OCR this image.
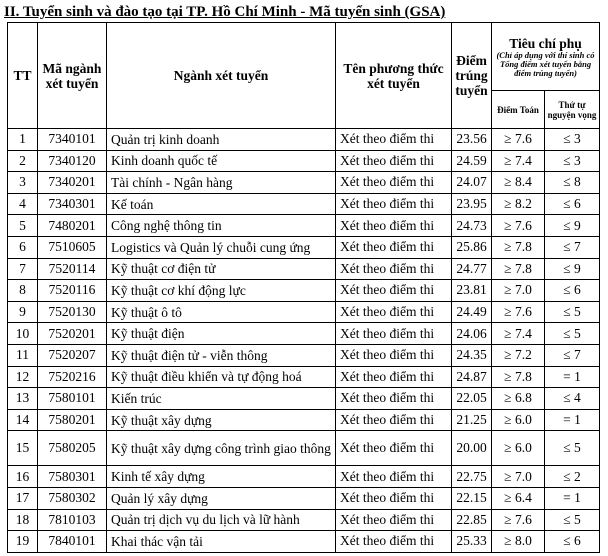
II. Tuyển sinh và đào tạo tại TP. Hồ Chí Minh - Mã tuyển sinh (GSA)
TT	Mã ngành xét tuyển	Ngành xét tuyển	Tên phương thức xét tuyển	Điểm trúng tuyển	Tiêu chí phụ
(Chỉ áp dụng với thí sinh có Tổng điểm xét tuyển bằng điểm trúng tuyển)	

					Điểm Toán	Thứ tự nguyện vọng
1	7340101	Quản trị kinh doanh	Xét theo điểm thi	23.56	≥ 7.6	≤ 3
2	7340120	Kinh doanh quốc tế	Xét theo điểm thi	24.59	≥ 7.4	≤ 3
3	7340201	Tài chính - Ngân hàng	Xét theo điểm thi	24.07	≥ 8.4	≤ 8
4	7340301	Kế toán	Xét theo điểm thi	23.95	≥ 8.2	≤ 6
5	7480201	Công nghệ thông tin	Xét theo điểm thi	24.73	≥ 7.6	≤ 9
6	7510605	Logistics và Quản lý chuỗi cung ứng	Xét theo điểm thi	25.86	≥ 7.8	≤ 7
7	7520114	Kỹ thuật cơ điện tử	Xét theo điểm thi	24.77	≥ 7.8	≤ 9
8	7520116	Kỹ thuật cơ khí động lực	Xét theo điểm thi	23.81	≥ 7.0	≤ 6
9	7520130	Kỹ thuật ô tô	Xét theo điểm thi	24.49	≥ 7.6	≤ 5
10	7520201	Kỹ thuật điện	Xét theo điểm thi	24.06	≥ 7.4	≤ 5
11	7520207	Kỹ thuật điện tử - viễn thông	Xét theo điểm thi	24.35	≥ 7.2	≤ 7
12	7520216	Kỹ thuật điều khiển và tự động hoá	Xét theo điểm thi	24.87	≥ 7.8	= 1
13	7580101	Kiến trúc	Xét theo điểm thi	22.05	≥ 6.8	≤ 4
14	7580201	Kỹ thuật xây dựng	Xét theo điểm thi	21.25	≥ 6.0	= 1
15	7580205	Kỹ thuật xây dựng công trình giao thông	Xét theo điểm thi	20.00	≥ 6.0	≤ 5
16	7580301	Kinh tế xây dựng	Xét theo điểm thi	22.75	≥ 7.0	≤ 2
17	7580302	Quản lý xây dựng	Xét theo điểm thi	22.15	≥ 6.4	= 1
18	7810103	Quản trị dịch vụ du lịch và lữ hành	Xét theo điểm thi	22.85	≥ 7.6	≤ 5
19	7840101	Khai thác vận tải	Xét theo điểm thi	25.33	≥ 8.0	≤ 6
